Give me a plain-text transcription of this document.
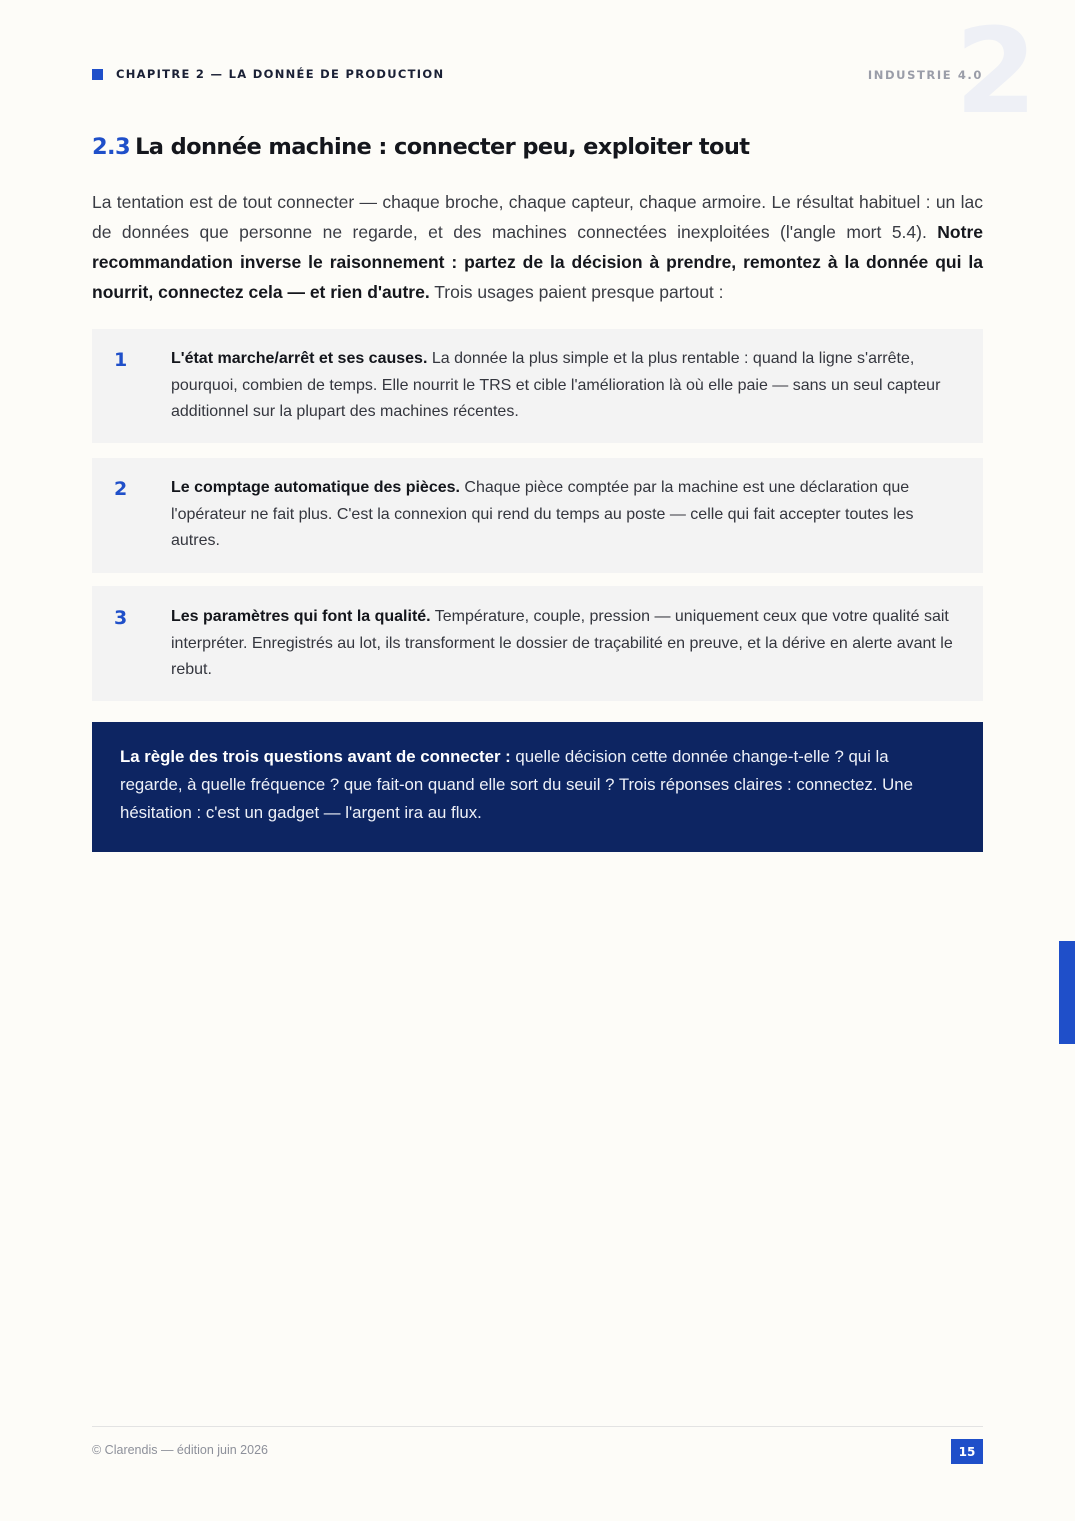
2
CHAPITRE 2 — LA DONNÉE DE PRODUCTION	INDUSTRIE 4.0
2.3 La donnée machine : connecter peu, exploiter tout

La tentation est de tout connecter — chaque broche, chaque capteur, chaque armoire. Le résultat habituel : un lac de données que personne ne regarde, et des machines connectées inexploitées (l'angle mort 5.4). Notre recommandation inverse le raisonnement : partez de la décision à prendre, remontez à la donnée qui la nourrit, connectez cela — et rien d'autre. Trois usages paient presque partout :

1	L'état marche/arrêt et ses causes. La donnée la plus simple et la plus rentable : quand la ligne s'arrête, pourquoi, combien de temps. Elle nourrit le TRS et cible l'amélioration là où elle paie — sans un seul capteur additionnel sur la plupart des machines récentes.

2	Le comptage automatique des pièces. Chaque pièce comptée par la machine est une déclaration que l'opérateur ne fait plus. C'est la connexion qui rend du temps au poste — celle qui fait accepter toutes les autres.

3	Les paramètres qui font la qualité. Température, couple, pression — uniquement ceux que votre qualité sait interpréter. Enregistrés au lot, ils transforment le dossier de traçabilité en preuve, et la dérive en alerte avant le rebut.

La règle des trois questions avant de connecter : quelle décision cette donnée change-t-elle ? qui la regarde, à quelle fréquence ? que fait-on quand elle sort du seuil ? Trois réponses claires : connectez. Une hésitation : c'est un gadget — l'argent ira au flux.

© Clarendis — édition juin 2026	15
